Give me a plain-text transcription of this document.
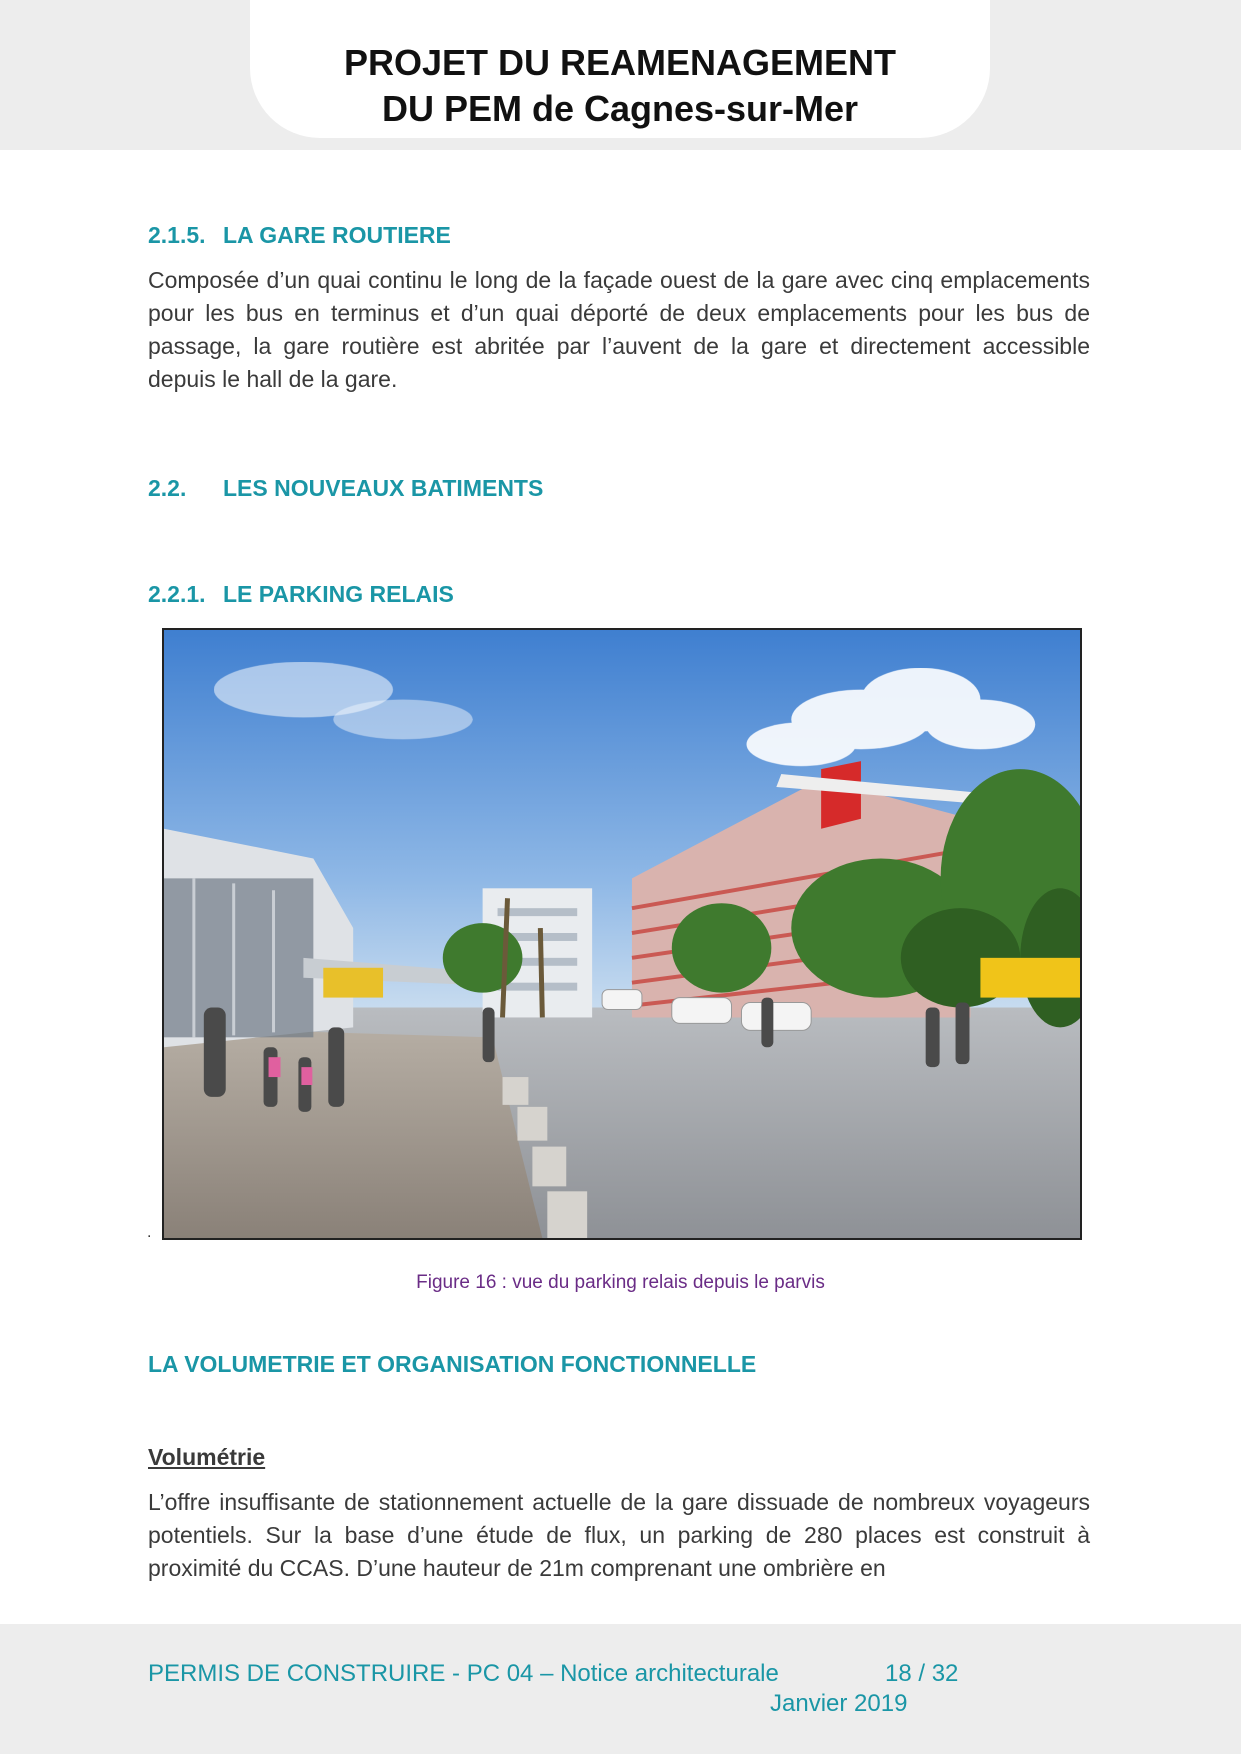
PROJET DU REAMENAGEMENT
DU PEM de Cagnes-sur-Mer
2.1.5. LA GARE ROUTIERE

Composée d’un quai continu le long de la façade ouest de la gare avec cinq emplacements pour les bus en terminus et d’un quai déporté de deux emplacements pour les bus de passage, la gare routière est abritée par l’auvent de la gare et directement accessible depuis le hall de la gare.

2.2. LES NOUVEAUX BATIMENTS
2.2.1. LE PARKING RELAIS
.
Figure 16 : vue du parking relais depuis le parvis
LA VOLUMETRIE ET ORGANISATION FONCTIONNELLE
Volumétrie

L’offre insuffisante de stationnement actuelle de la gare dissuade de nombreux voyageurs potentiels. Sur la base d’une étude de flux, un parking de 280 places est construit à proximité du CCAS. D’une hauteur de 21m comprenant une ombrière en

PERMIS DE CONSTRUIRE - PC 04 – Notice architecturale	18 / 32
Janvier 2019
